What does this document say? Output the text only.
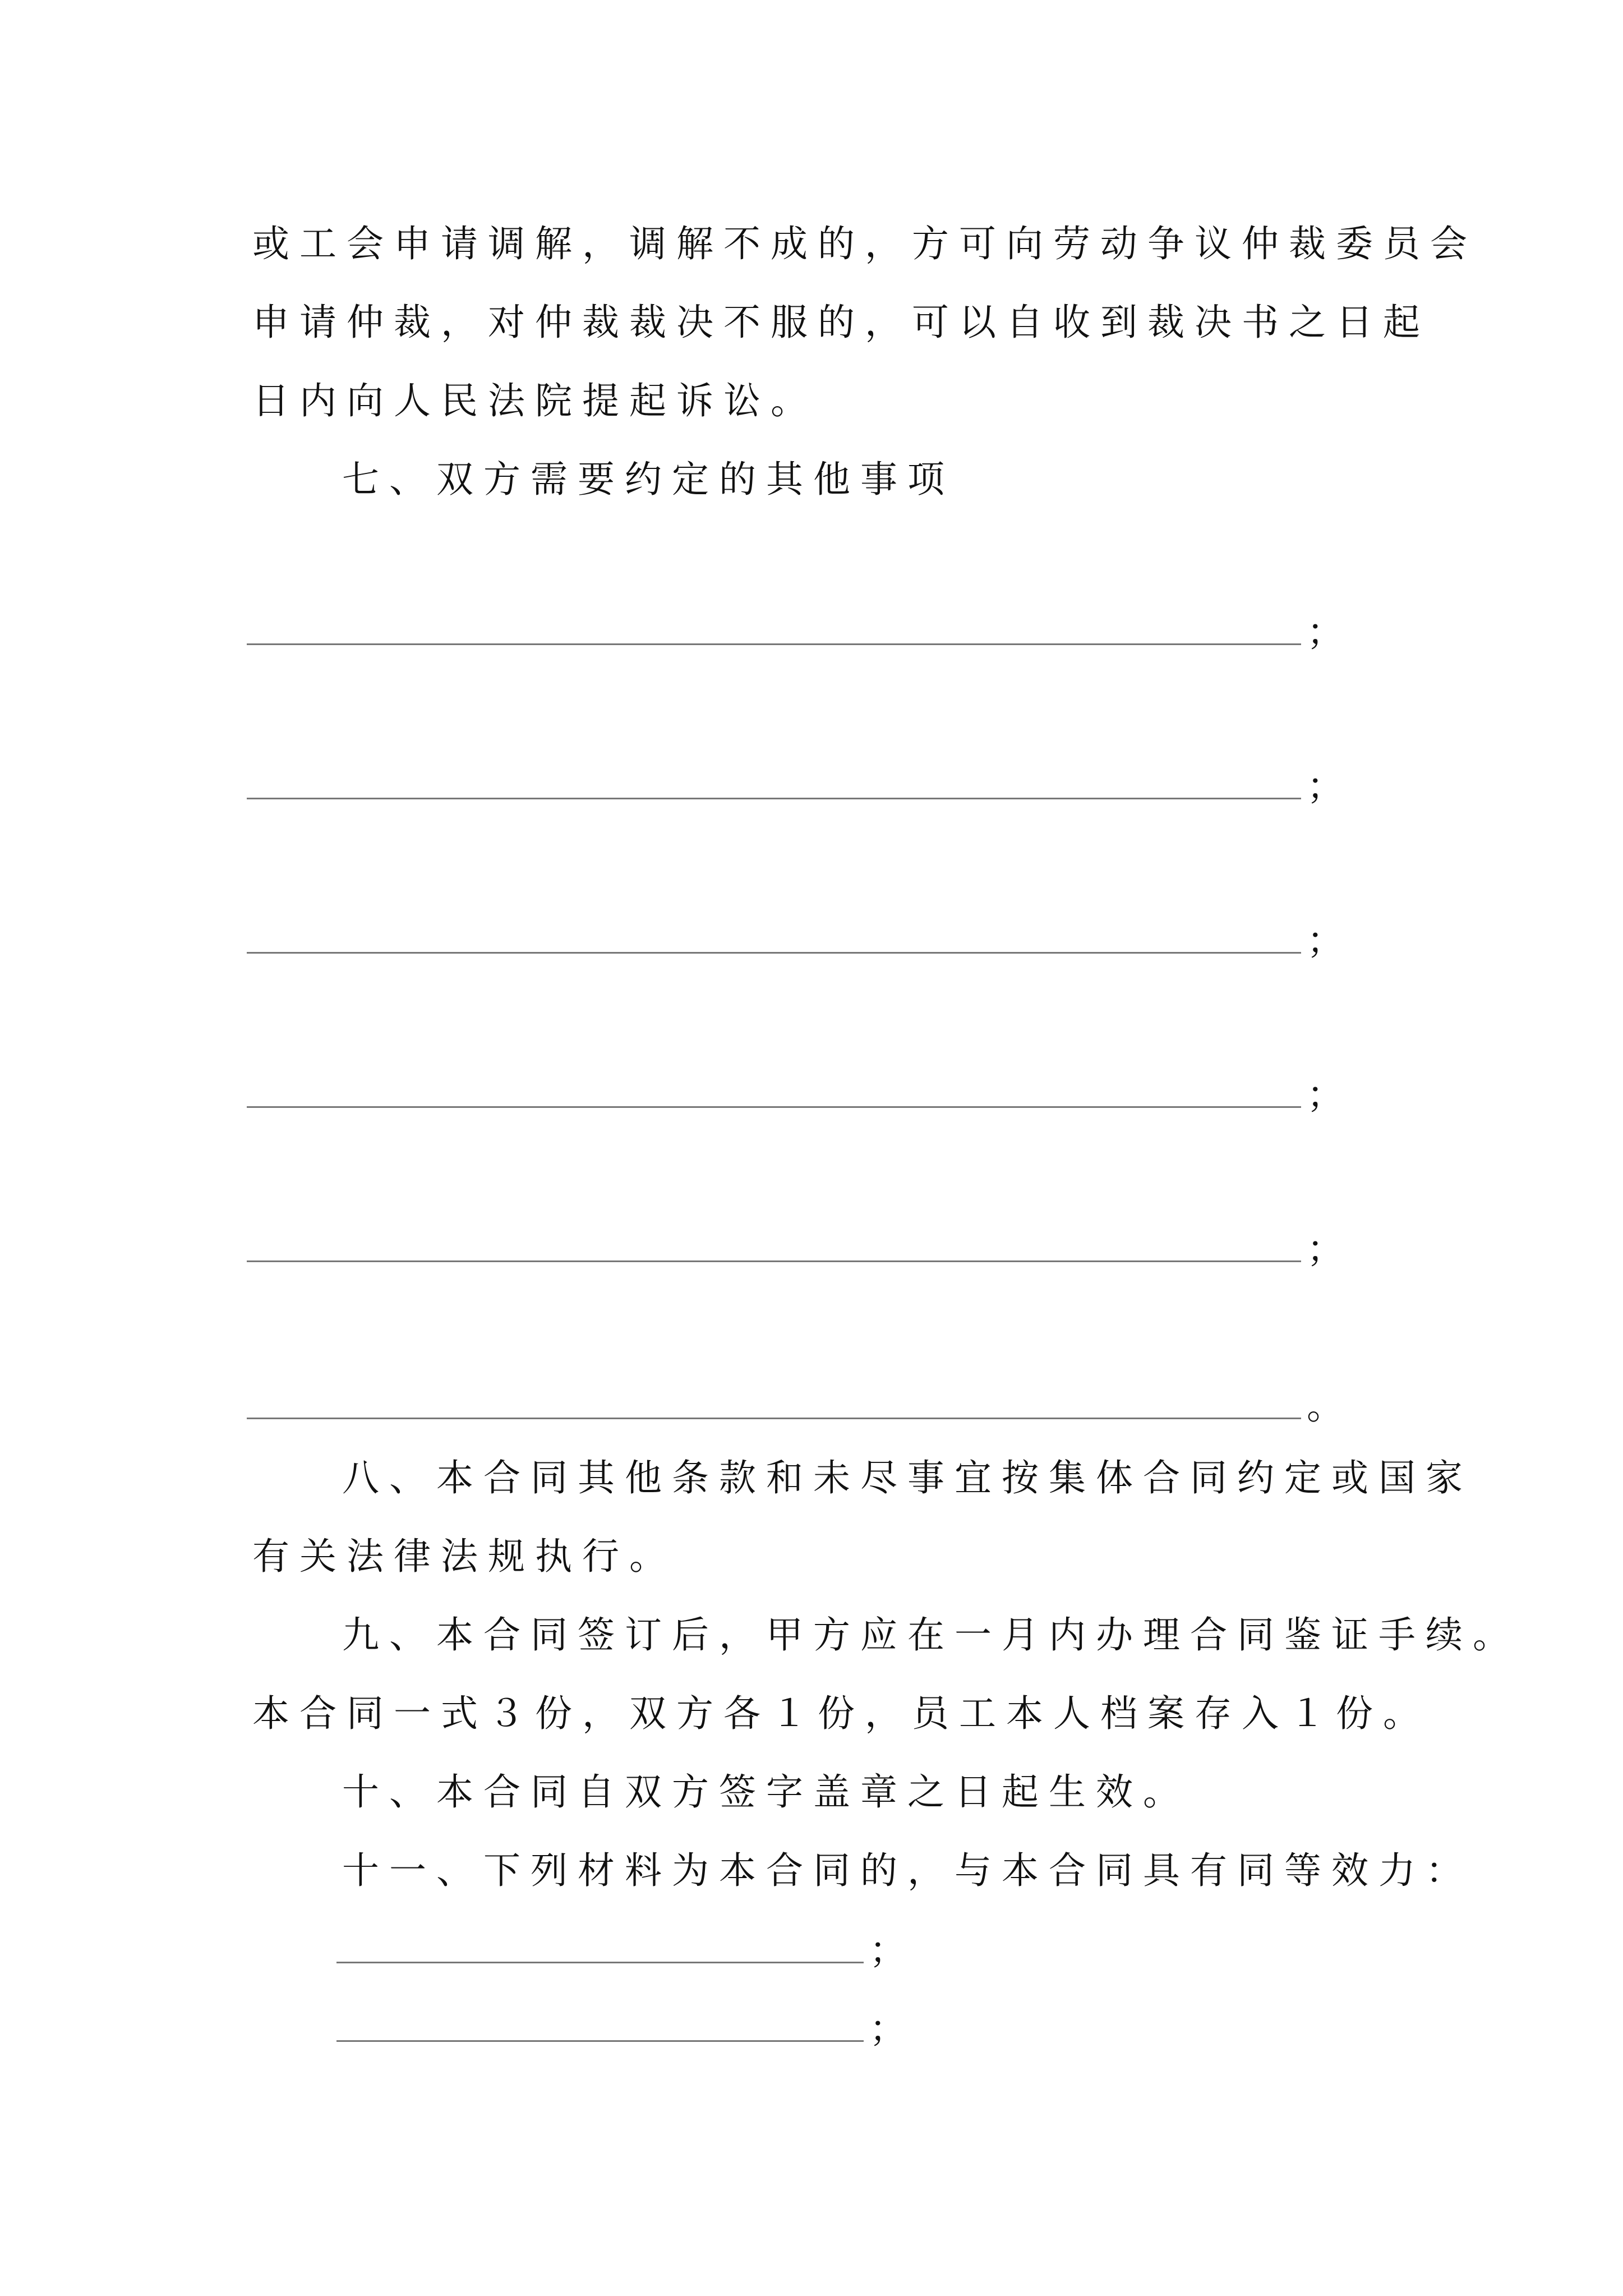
或工会申请调解，调解不成的，方可向劳动争议仲裁委员会
申请仲裁，对仲裁裁决不服的，可以自收到裁决书之日起
日内向人民法院提起诉讼。
七、双方需要约定的其他事项
；
；
；
；
；
。
八、本合同其他条款和未尽事宜按集体合同约定或国家
有关法律法规执行。
九、本合同签订后，甲方应在一月内办理合同鉴证手续。
本合同一式３份，双方各１份，员工本人档案存入１份。
十、本合同自双方签字盖章之日起生效。
十一、下列材料为本合同的，与本合同具有同等效力：
；
；
